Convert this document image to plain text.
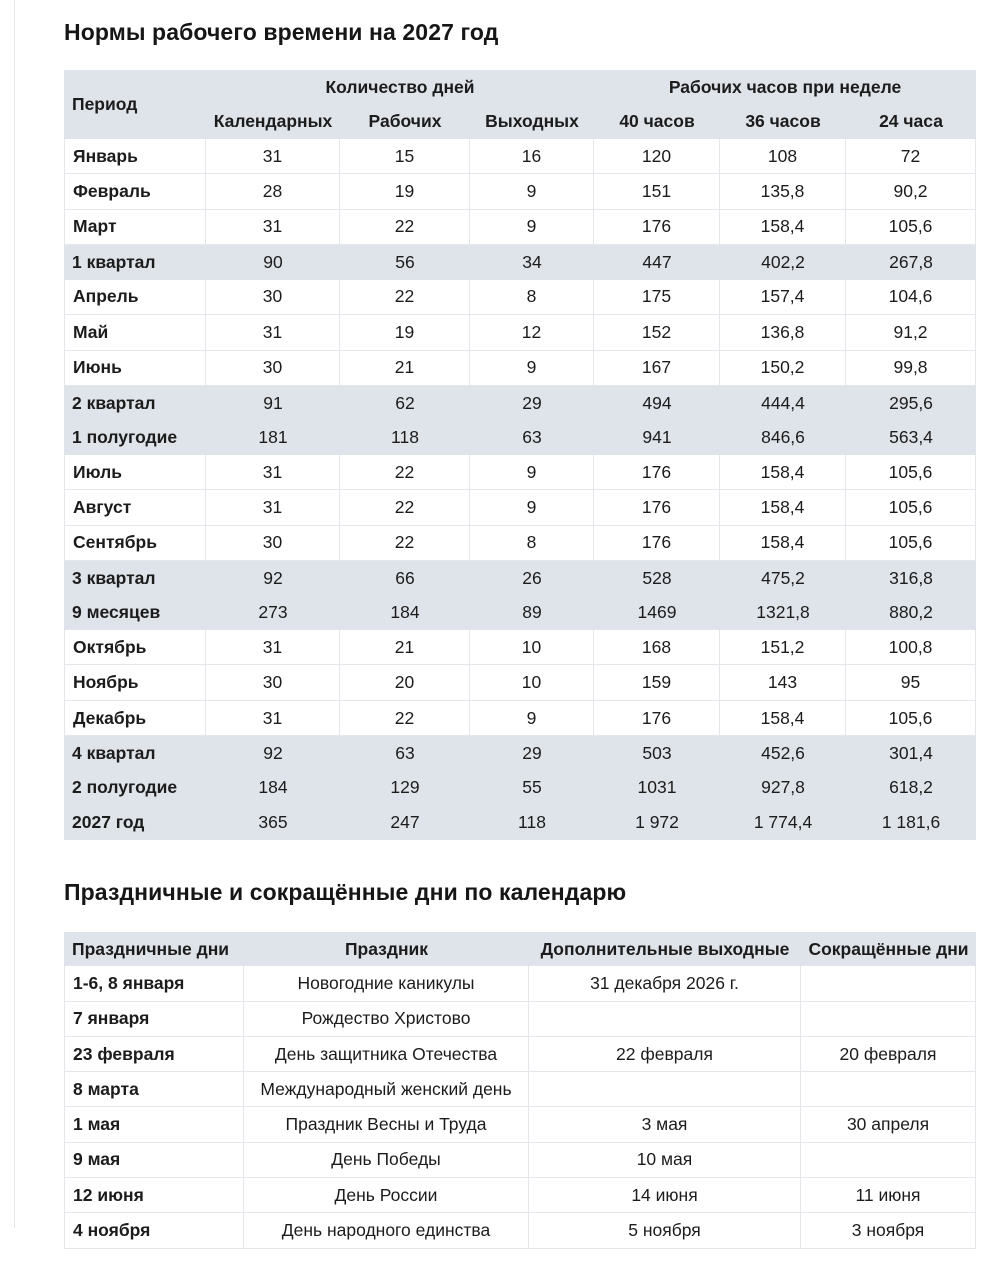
Нормы рабочего времени на 2027 год
Период	Количество дней			Рабочих часов при неделе		
	Календарных	Рабочих	Выходных	40 часов	36 часов	24 часа
Январь	31	15	16	120	108	72
Февраль	28	19	9	151	135,8	90,2
Март	31	22	9	176	158,4	105,6
1 квартал	90	56	34	447	402,2	267,8
Апрель	30	22	8	175	157,4	104,6
Май	31	19	12	152	136,8	91,2
Июнь	30	21	9	167	150,2	99,8
2 квартал	91	62	29	494	444,4	295,6
1 полугодие	181	118	63	941	846,6	563,4
Июль	31	22	9	176	158,4	105,6
Август	31	22	9	176	158,4	105,6
Сентябрь	30	22	8	176	158,4	105,6
3 квартал	92	66	26	528	475,2	316,8
9 месяцев	273	184	89	1469	1321,8	880,2
Октябрь	31	21	10	168	151,2	100,8
Ноябрь	30	20	10	159	143	95
Декабрь	31	22	9	176	158,4	105,6
4 квартал	92	63	29	503	452,6	301,4
2 полугодие	184	129	55	1031	927,8	618,2
2027 год	365	247	118	1 972	1 774,4	1 181,6
Праздничные и сокращённые дни по календарю
Праздничные дни	Праздник	Дополнительные выходные	Сокращённые дни
1-6, 8 января	Новогодние каникулы	31 декабря 2026 г.	
7 января	Рождество Христово		
23 февраля	День защитника Отечества	22 февраля	20 февраля
8 марта	Международный женский день		
1 мая	Праздник Весны и Труда	3 мая	30 апреля
9 мая	День Победы	10 мая	
12 июня	День России	14 июня	11 июня
4 ноября	День народного единства	5 ноября	3 ноября
